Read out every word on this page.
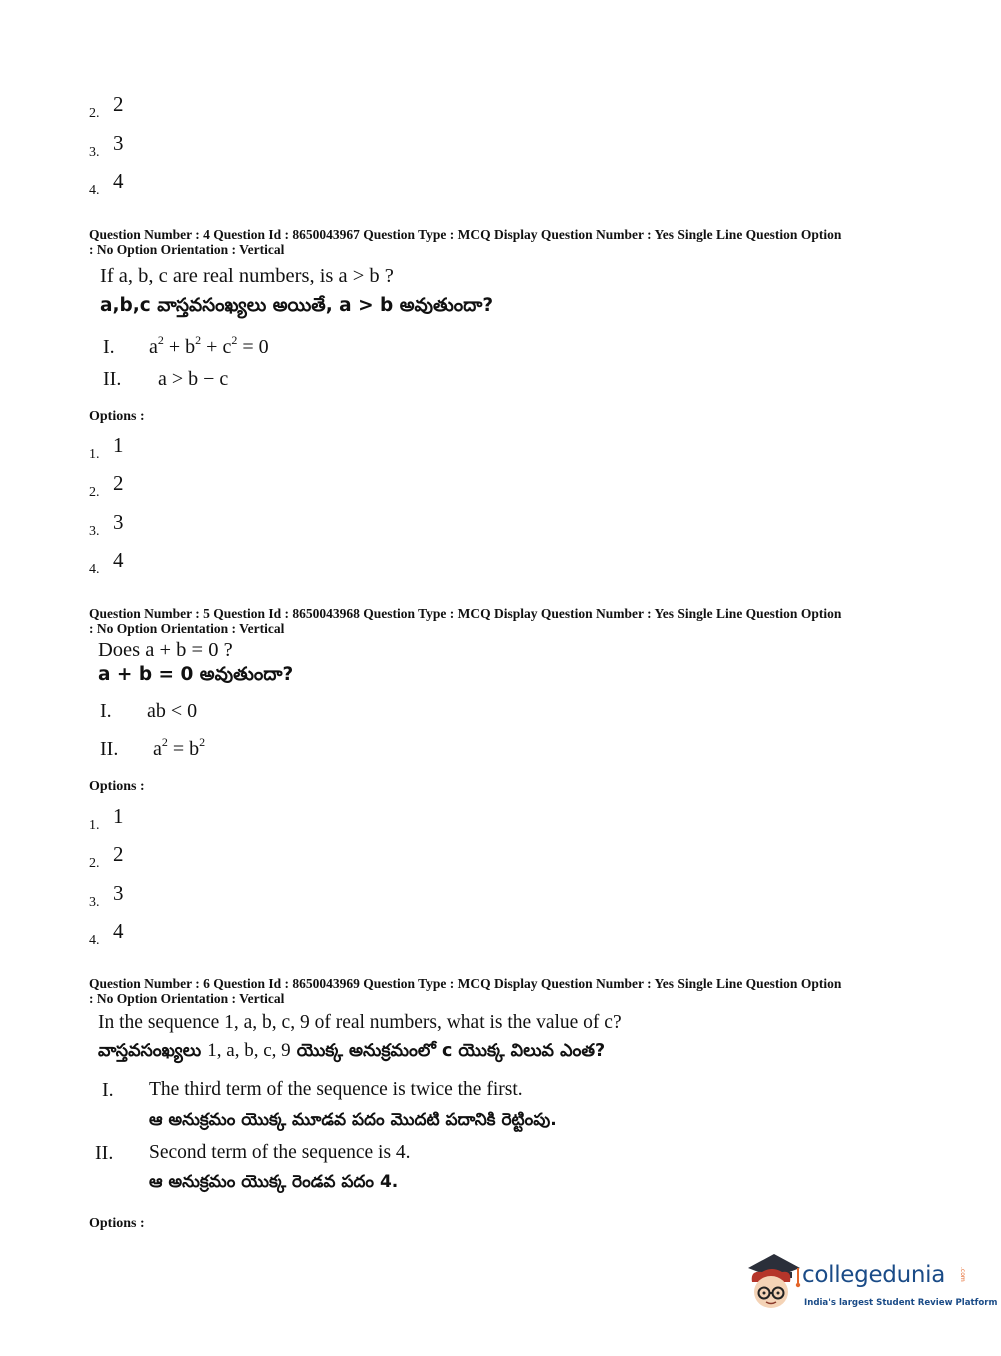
2. 2
3. 3
4. 4
Question Number : 4 Question Id : 8650043967 Question Type : MCQ Display Question Number : Yes Single Line Question Option
: No Option Orientation : Vertical
If a, b, c are real numbers, is a > b ?
a,b,c వాస్తవసంఖ్యలు అయితే, a > b అవుతుందా?
I. $a^2 + b^2 + c^2 = 0$
II. a > b − c
Options :
1. 1
2. 2
3. 3
4. 4
Question Number : 5 Question Id : 8650043968 Question Type : MCQ Display Question Number : Yes Single Line Question Option
: No Option Orientation : Vertical
Does a + b = 0 ?
a + b = 0 అవుతుందా?
I. ab < 0
II. $a^2 = b^2$
Options :
1. 1
2. 2
3. 3
4. 4
Question Number : 6 Question Id : 8650043969 Question Type : MCQ Display Question Number : Yes Single Line Question Option
: No Option Orientation : Vertical
In the sequence 1, a, b, c, 9 of real numbers, what is the value of c?
వాస్తవసంఖ్యలు 1, a, b, c, 9 యొక్క అనుక్రమంలో c యొక్క విలువ ఎంత?
I. The third term of the sequence is twice the first.
ఆ అనుక్రమం యొక్క మూడవ పదం మొదటి పదానికి రెట్టింపు.
II. Second term of the sequence is 4.
ఆ అనుక్రమం యొక్క రెండవ పదం 4.
Options :
collegedunia .com
India's largest Student Review Platform
